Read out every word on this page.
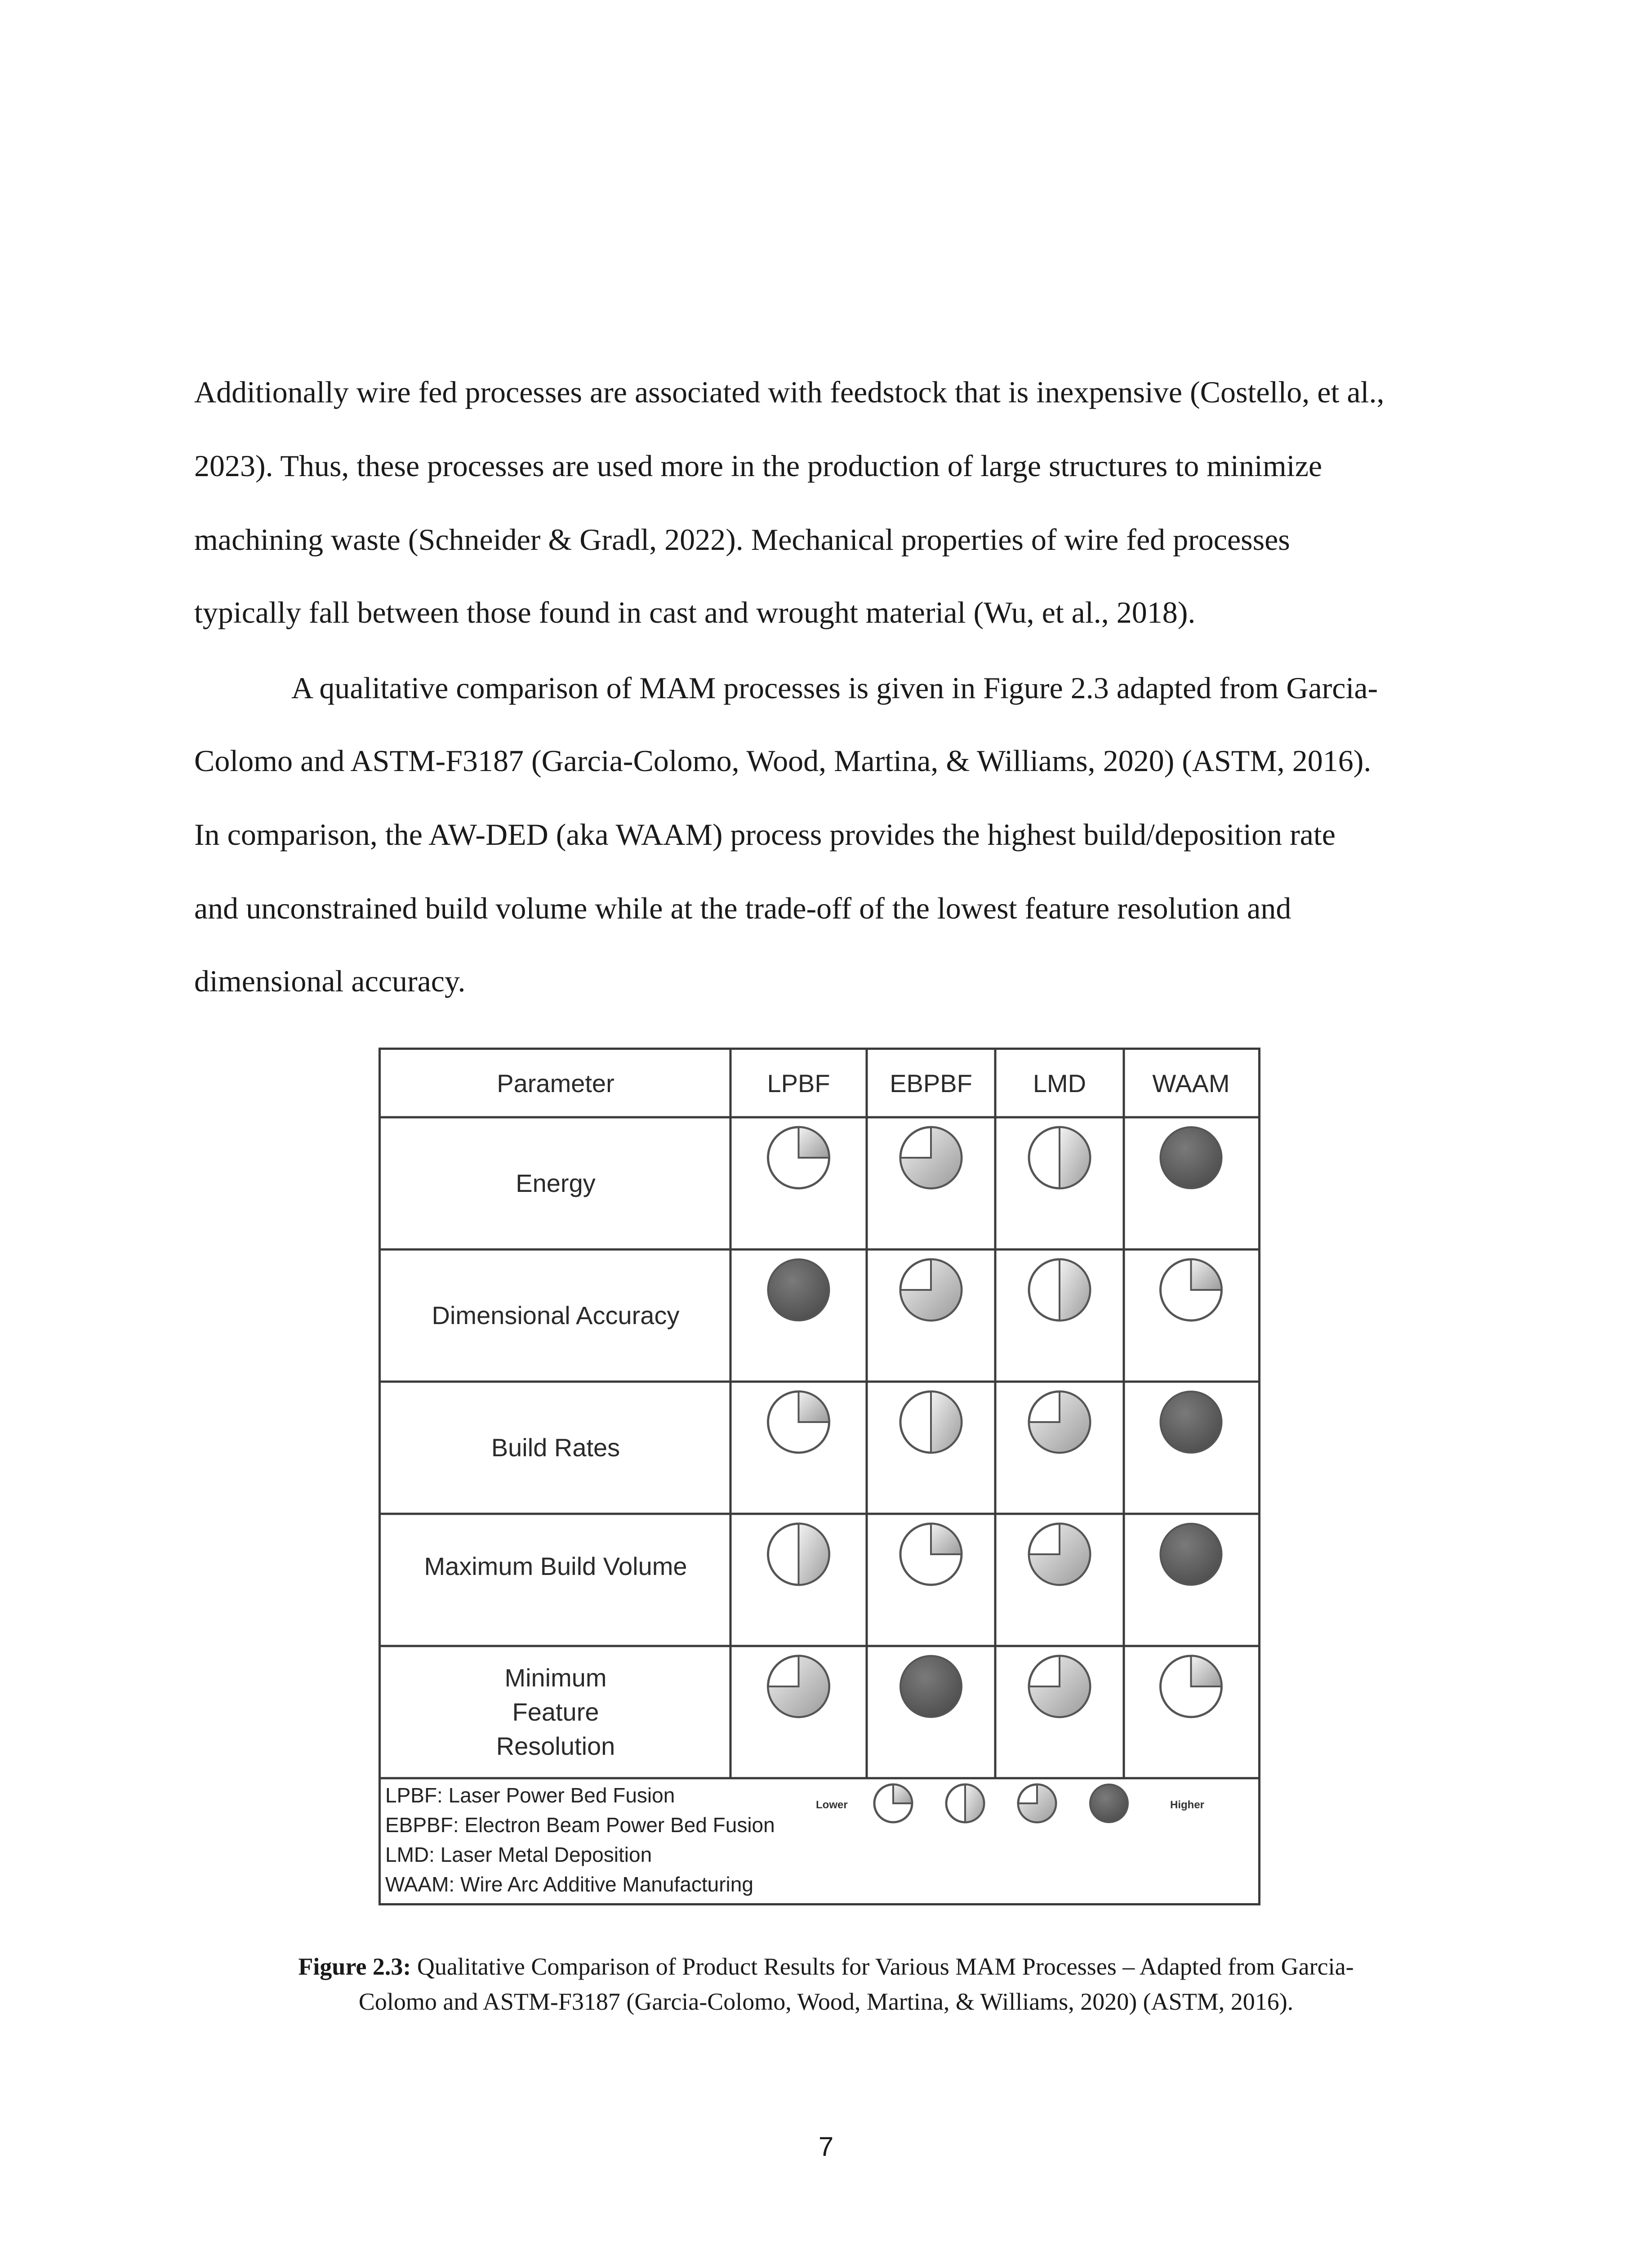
Additionally wire fed processes are associated with feedstock that is inexpensive (Costello, et al.,
2023). Thus, these processes are used more in the production of large structures to minimize
machining waste (Schneider & Gradl, 2022). Mechanical properties of wire fed processes
typically fall between those found in cast and wrought material (Wu, et al., 2018).
A qualitative comparison of MAM processes is given in Figure 2.3 adapted from Garcia-
Colomo and ASTM-F3187 (Garcia-Colomo, Wood, Martina, & Williams, 2020) (ASTM, 2016).
In comparison, the AW-DED (aka WAAM) process provides the highest build/deposition rate
and unconstrained build volume while at the trade-off of the lowest feature resolution and
dimensional accuracy.
Parameter	LPBF	EBPBF	LMD	WAAM
Energy
Dimensional Accuracy
Build Rates
Maximum Build Volume
Minimum Feature Resolution
LPBF: Laser Power Bed Fusion
EBPBF: Electron Beam Power Bed Fusion
LMD: Laser Metal Deposition
WAAM: Wire Arc Additive Manufacturing
Lower	Higher
Figure 2.3: Qualitative Comparison of Product Results for Various MAM Processes – Adapted from Garcia-
Colomo and ASTM-F3187 (Garcia-Colomo, Wood, Martina, & Williams, 2020) (ASTM, 2016).
7
